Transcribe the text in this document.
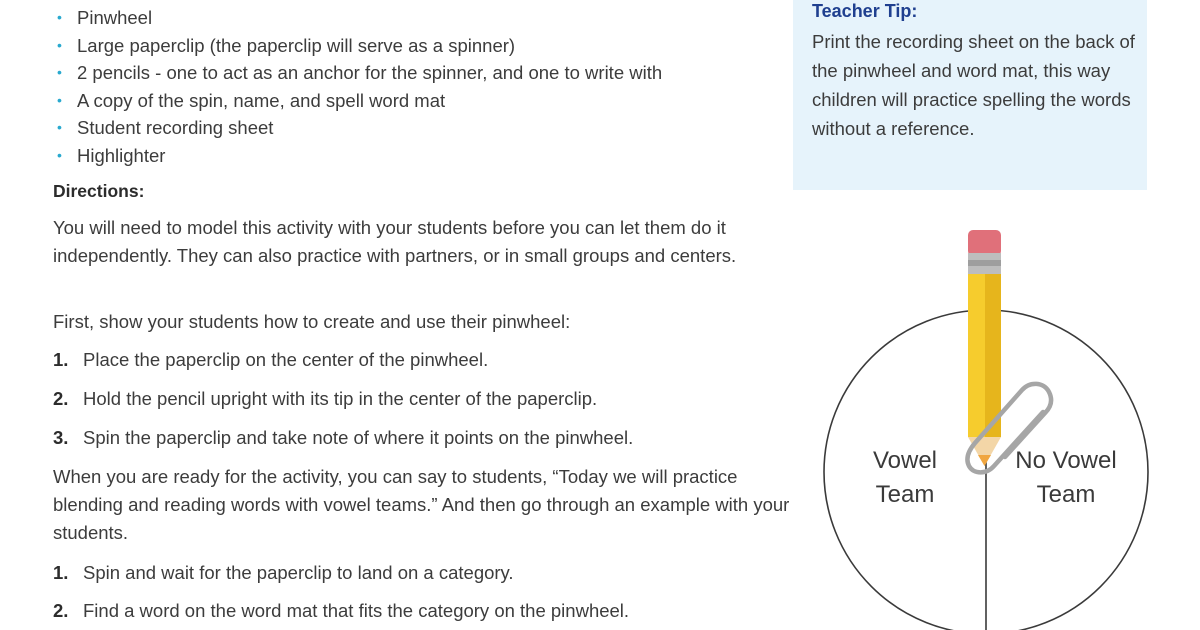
• Pinwheel
• Large paperclip (the paperclip will serve as a spinner)
• 2 pencils - one to act as an anchor for the spinner, and one to write with
• A copy of the spin, name, and spell word mat
• Student recording sheet
• Highlighter
Directions:
You will need to model this activity with your students before you can let them do it independently. They can also practice with partners, or in small groups and centers.
First, show your students how to create and use their pinwheel:
1. Place the paperclip on the center of the pinwheel.
2. Hold the pencil upright with its tip in the center of the paperclip.
3. Spin the paperclip and take note of where it points on the pinwheel.
When you are ready for the activity, you can say to students, “Today we will practice blending and reading words with vowel teams.” And then go through an example with your students.
1. Spin and wait for the paperclip to land on a category.
2. Find a word on the word mat that fits the category on the pinwheel.
Teacher Tip:
Print the recording sheet on the back of the pinwheel and word mat, this way children will practice spelling the words without a reference.
Vowel
Team
No Vowel
Team
